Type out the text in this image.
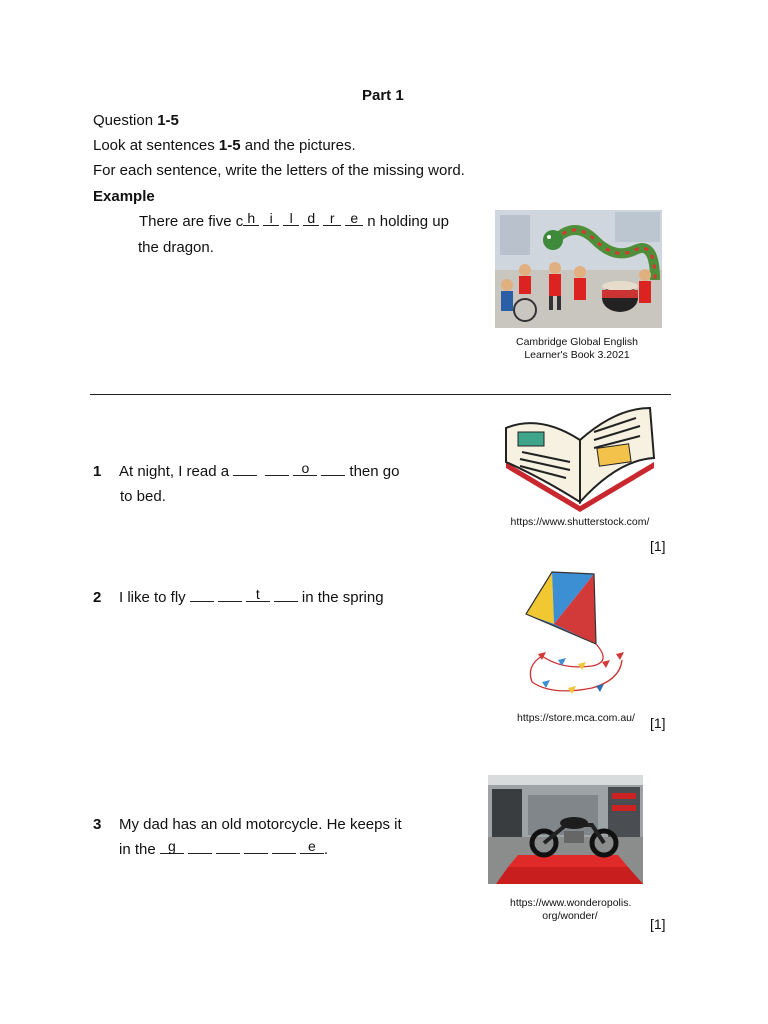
Part 1
Question 1-5
Look at sentences 1-5 and the pictures.
For each sentence, write the letters of the missing word.
Example
There are five c h	i	l	d	r	e n holding up
the dragon.
Cambridge Global English
Learner's Book 3.2021
1 At night, I read a
	o	then go
to bed.
https://www.shutterstock.com/
[1]
2 I like to fly	t	in the spring
https://store.mca.com.au/	[1]
3 My dad has an old motorcycle. He keeps it
in the g	e .
https://www.wonderopolis.
org/wonder/	[1]
